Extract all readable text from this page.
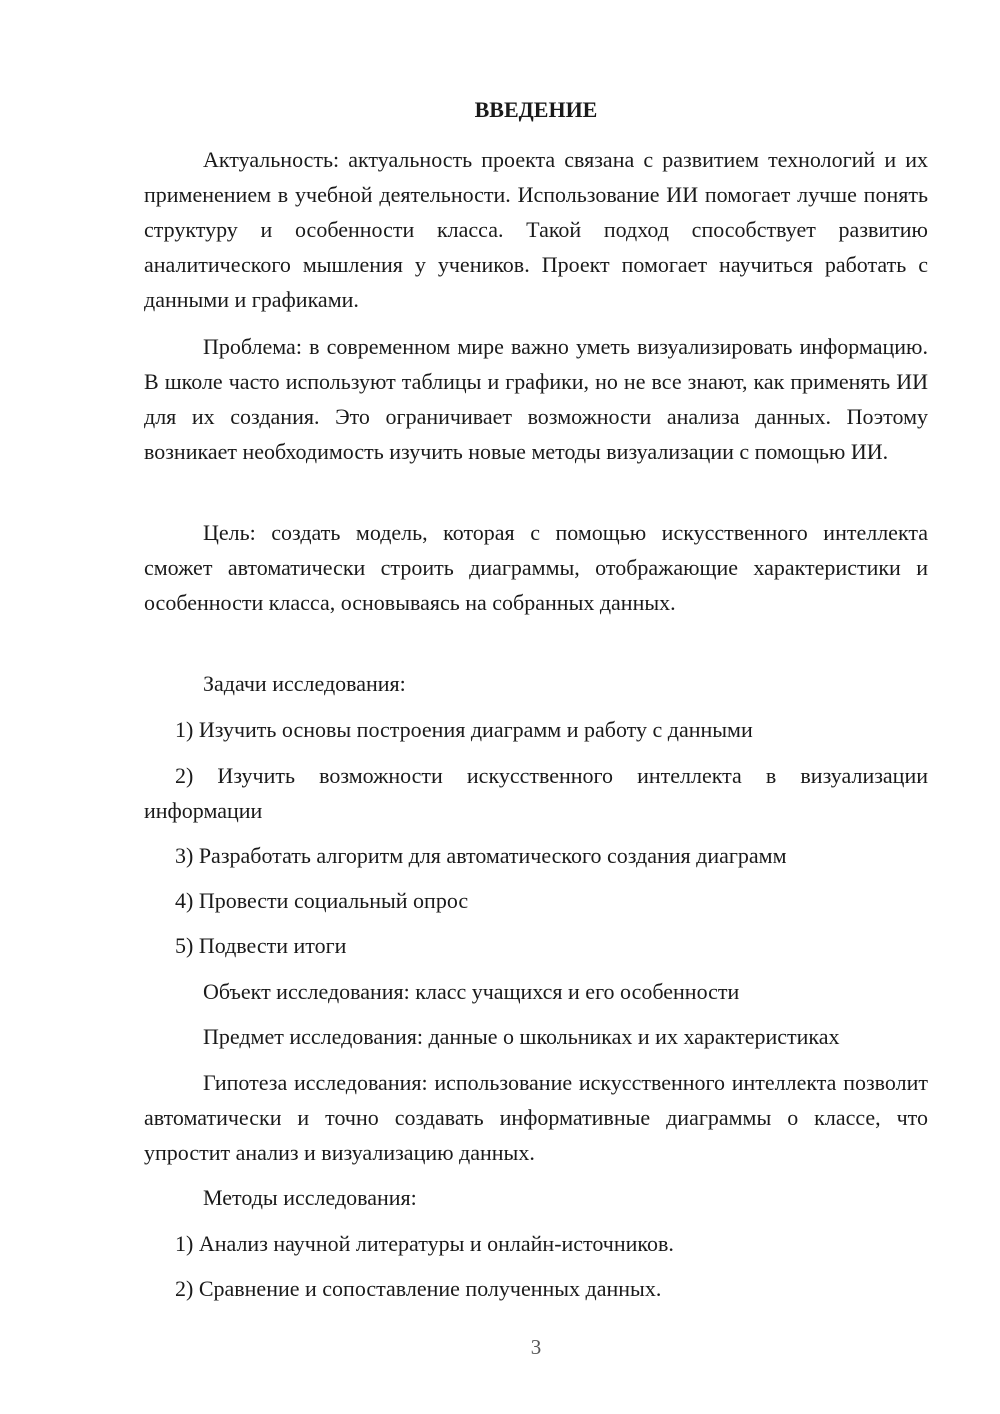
ВВЕДЕНИЕ

Актуальность: актуальность проекта связана с развитием технологий и их применением в учебной деятельности. Использование ИИ помогает лучше понять структуру и особенности класса. Такой подход способствует развитию аналитического мышления у учеников. Проект помогает научиться работать с данными и графиками.

Проблема: в современном мире важно уметь визуализировать информацию. В школе часто используют таблицы и графики, но не все знают, как применять ИИ для их создания. Это ограничивает возможности анализа данных. Поэтому возникает необходимость изучить новые методы визуализации с помощью ИИ.

Цель: создать модель, которая с помощью искусственного интеллекта сможет автоматически строить диаграммы, отображающие характеристики и особенности класса, основываясь на собранных данных.

Задачи исследования:

1) Изучить основы построения диаграмм и работу с данными

2) Изучить возможности искусственного интеллекта в визуализации информации

3) Разработать алгоритм для автоматического создания диаграмм

4) Провести социальный опрос

5) Подвести итоги

Объект исследования: класс учащихся и его особенности

Предмет исследования: данные о школьниках и их характеристиках

Гипотеза исследования: использование искусственного интеллекта позволит автоматически и точно создавать информативные диаграммы о классе, что упростит анализ и визуализацию данных.

Методы исследования:

1) Анализ научной литературы и онлайн-источников.

2) Сравнение и сопоставление полученных данных.

3
